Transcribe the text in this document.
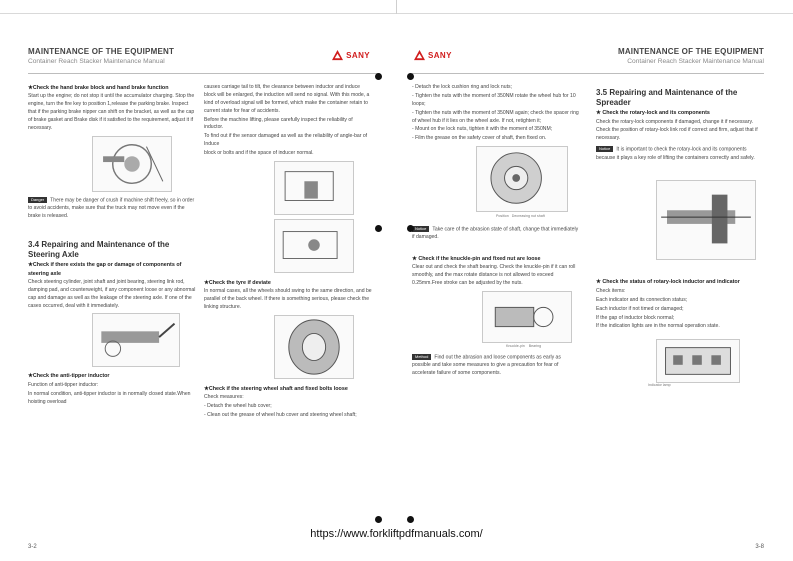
MAINTENANCE OF THE EQUIPMENT
Container Reach Stacker Maintenance Manual
SANY

★Check the hand brake block and hand brake function

Start up the engine; do not stop it until the accumulator charging. Stop the engine, turn the fire key to position 1,release the parking brake. Inspect that if the parking brake nipper can shift on the bracket, as well as the cap of brake gasket and Brake disk if it satisfied to the requirement, adjust it if necessary.

Danger There may be danger of crush if machine shift freely, so in order to avoid accidents, make sure that the truck may not move even if the brake is released.

3.4 Repairing and Maintenance of the Steering Axle

★Check if there exists the gap or damage of components of steering axle

Check steering cylinder, joint shaft and joint bearing, steering link rod, damping pad, and counterweight, if any component loose or any abnormal cap and damage as well as the leakage of the steering axle. If one of the cases occurred, deal with it immediately.

★Check the anti-tipper inductor

Function of anti-tipper inductor:

In normal condition, anti-tipper inductor is in normally closed state.When hoisting overload

causes carriage tail to tilt, the clearance between inductor and induce block will be enlarged, the induction will send no signal. With this mode, a kind of overload signal will be formed, which make the container retain to current state for fear of accidents.

Before the machine lifting, please carefully inspect the reliability of inductor.

To find out if the sensor damaged as well as the reliability of angle-bar of Induce

block or bolts and if the space of inducer normal.

★Check the tyre if deviate

In normal cases, all the wheels should swing to the same direction, and be parallel of the back wheel. If there is something serious, please check the linking structure.

★Check if the steering wheel shaft and fixed bolts loose

Check measures:

- Detach the wheel hub cover;

- Clean out the grease of wheel hub cover and steering wheel shaft;

3-2
SANY	MAINTENANCE OF THE EQUIPMENT
Container Reach Stacker Maintenance Manual

- Detach the lock cushion ring and lock nuts;

- Tighten the nuts with the moment of 350NM rotate the wheel hub for 10 loops;

- Tighten the nuts with the moment of 350NM again; check the spacer ring of wheel hub if it lies on the wheel axle. If not, retighten it;

- Mount on the lock nuts, tighten it with the moment of 350NM;

- Film the grease on the safety cover of shaft, then fixed on.

Position Decreasing nut shaft

Notice Take care of the abrasion state of shaft, change that immediately if damaged.

★ Check if the knuckle-pin and fixed nut are loose

Clear out and check the shaft bearing. Check the knuckle-pin if it can roll smoothly, and the max rotate distance is not allowed to exceed 0.25mm.Free stroke can be adjusted by the nuts.

Knuckle-pin Bearing

Method Find out the abrasion and loose components as early as possible and take some measures to give a precaution for fear of accelerate failure of some components.

3.5 Repairing and Maintenance of the Spreader

★ Check the rotary-lock and its components

Check the rotary-lock components if damaged, change it if necessary.

Check the position of rotary-lock link rod if correct and firm, adjust that if necessary.

Notice It is important to check the rotary-lock and its components because it plays a key role of lifting the containers correctly and safely.

★ Check the status of rotary-lock inductor and indicator

Check items:

Each indicator and its connection status;

Each inductor if not timed or damaged;

If the gap of inductor block normal;

If the indication lights are in the normal operation state.

Indicator lamp
3-8
https://www.forkliftpdfmanuals.com/
